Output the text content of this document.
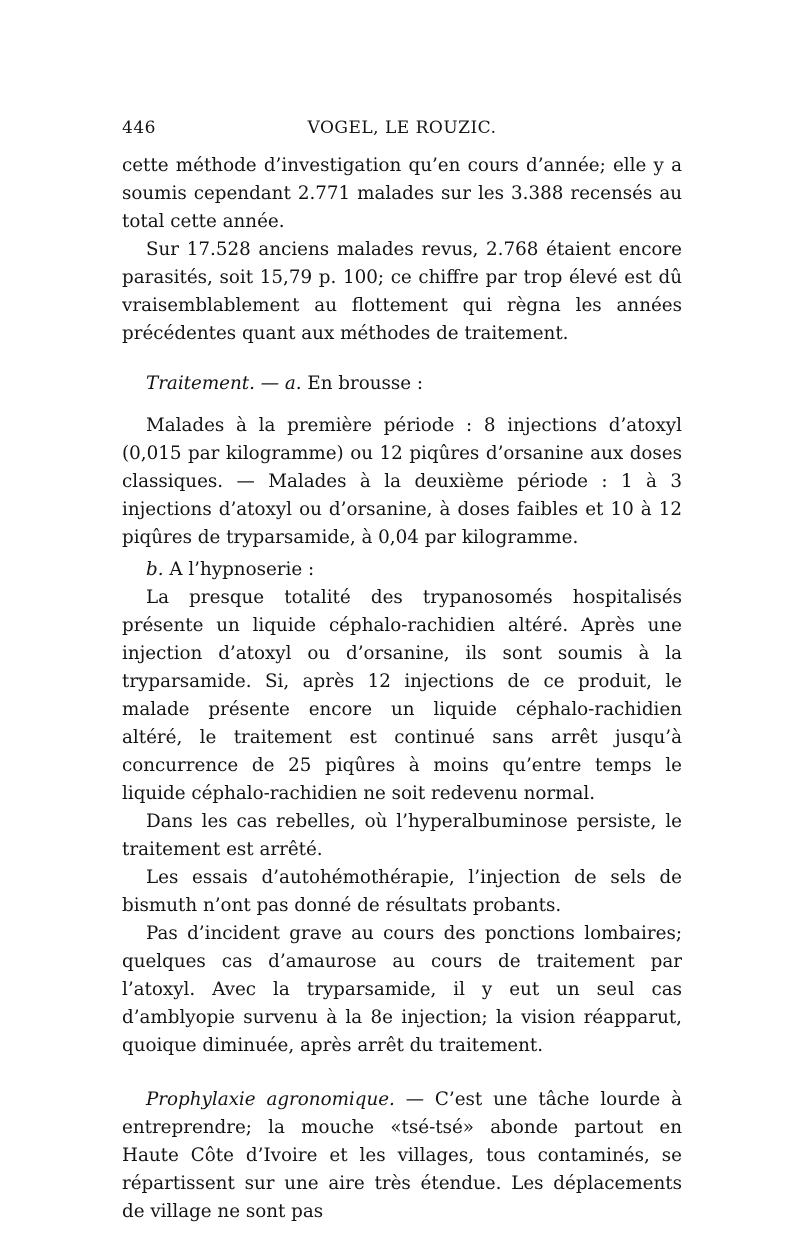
446	VOGEL, LE ROUZIC.

cette méthode d’investigation qu’en cours d’année; elle y a soumis cependant 2.771 malades sur les 3.388 recensés au total cette année.

Sur 17.528 anciens malades revus, 2.768 étaient encore parasités, soit 15,79 p. 100; ce chiffre par trop élevé est dû vraisemblablement au flottement qui règna les années précédentes quant aux méthodes de traitement.

Traitement. — a. En brousse :

Malades à la première période : 8 injections d’atoxyl (0,015 par kilogramme) ou 12 piqûres d’orsanine aux doses classiques. — Malades à la deuxième période : 1 à 3 injections d’atoxyl ou d’orsanine, à doses faibles et 10 à 12 piqûres de tryparsamide, à 0,04 par kilogramme.

b. A l’hypnoserie :

La presque totalité des trypanosomés hospitalisés présente un liquide céphalo-rachidien altéré. Après une injection d’atoxyl ou d’orsanine, ils sont soumis à la tryparsamide. Si, après 12 injections de ce produit, le malade présente encore un liquide céphalo-rachidien altéré, le traitement est continué sans arrêt jusqu’à concurrence de 25 piqûres à moins qu’entre temps le liquide céphalo-rachidien ne soit redevenu normal.

Dans les cas rebelles, où l’hyperalbuminose persiste, le traitement est arrêté.

Les essais d’autohémothérapie, l’injection de sels de bismuth n’ont pas donné de résultats probants.

Pas d’incident grave au cours des ponctions lombaires; quelques cas d’amaurose au cours de traitement par l’atoxyl. Avec la tryparsamide, il y eut un seul cas d’amblyopie survenu à la 8e injection; la vision réapparut, quoique diminuée, après arrêt du traitement.

Prophylaxie agronomique. — C’est une tâche lourde à entreprendre; la mouche «tsé-tsé» abonde partout en Haute Côte d’Ivoire et les villages, tous contaminés, se répartissent sur une aire très étendue. Les déplacements de village ne sont pas
